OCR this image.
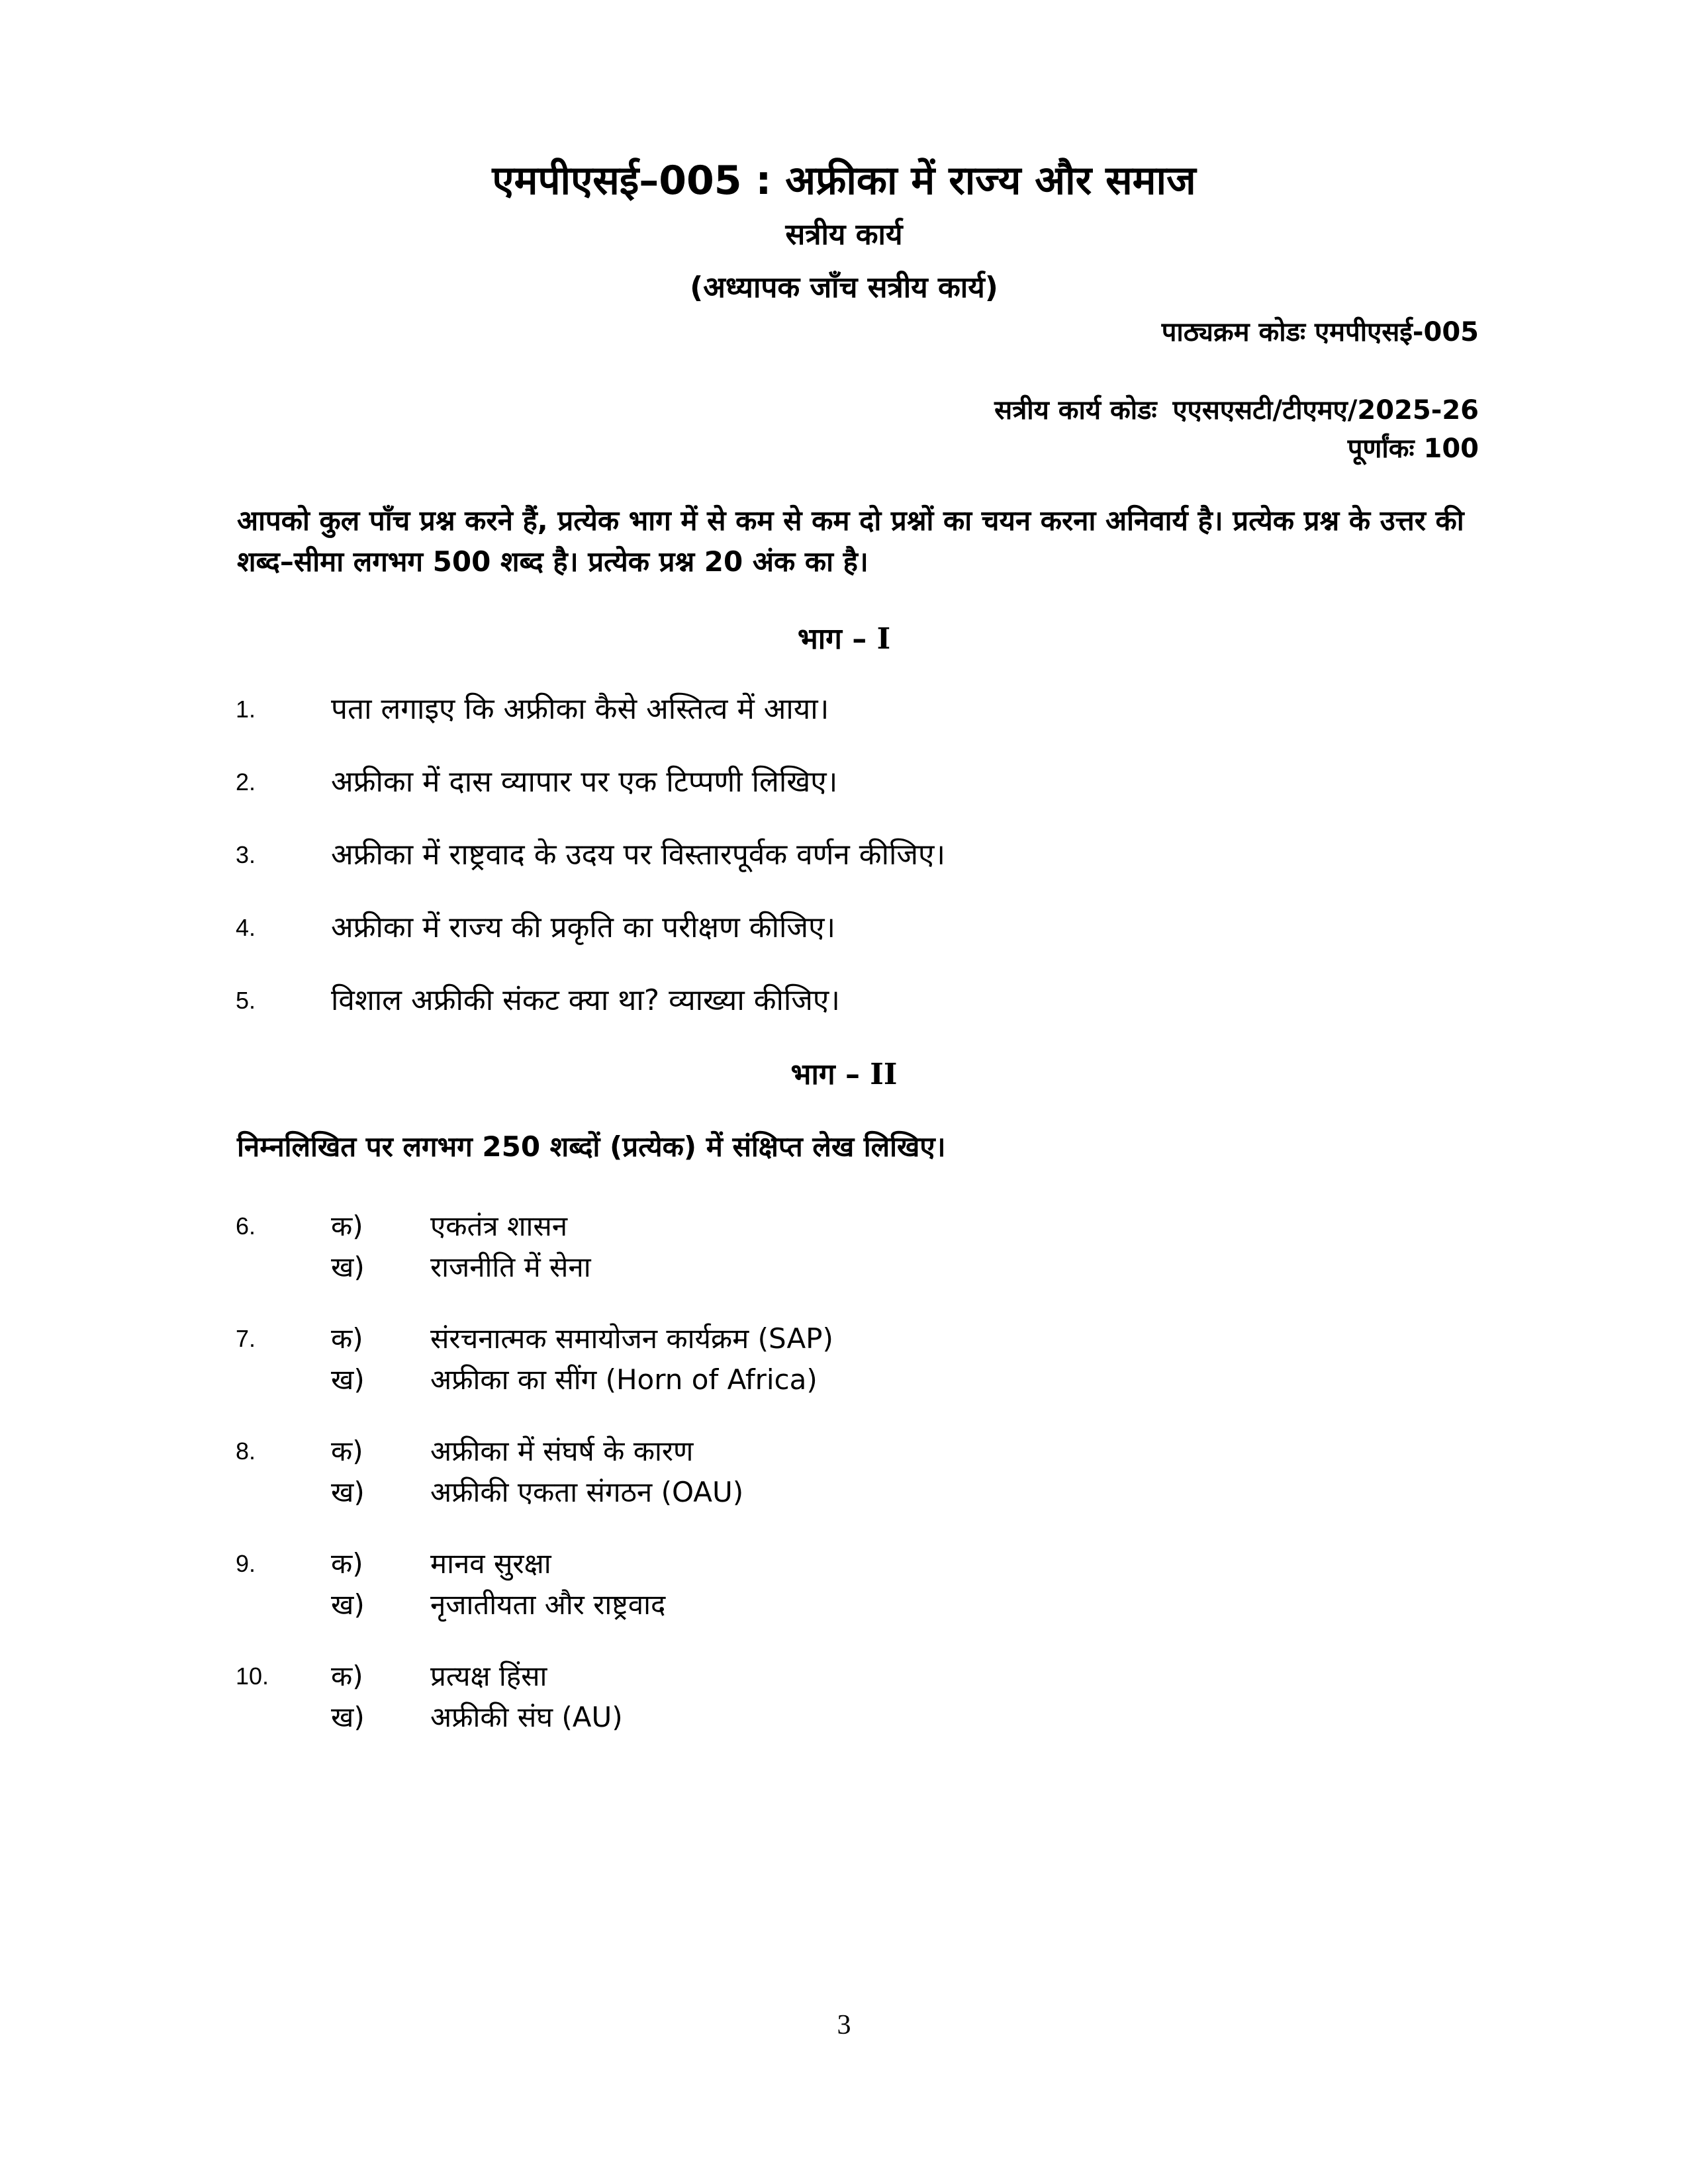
एमपीएसई–005 : अफ्रीका में राज्य और समाज
सत्रीय कार्य
(अध्यापक जाँच सत्रीय कार्य)
पाठ्यक्रम कोडः एमपीएसई-005
सत्रीय कार्य कोडः एएसएसटी/टीएमए/2025-26
पूर्णांकः 100
आपको कुल पाँच प्रश्न करने हैं, प्रत्येक भाग में से कम से कम दो प्रश्नों का चयन करना अनिवार्य है। प्रत्येक प्रश्न के उत्तर की शब्द–सीमा लगभग 500 शब्द है। प्रत्येक प्रश्न 20 अंक का है।
भाग – I
1.	पता लगाइए कि अफ्रीका कैसे अस्तित्व में आया।
2.	अफ्रीका में दास व्यापार पर एक टिप्पणी लिखिए।
3.	अफ्रीका में राष्ट्रवाद के उदय पर विस्तारपूर्वक वर्णन कीजिए।
4.	अफ्रीका में राज्य की प्रकृति का परीक्षण कीजिए।
5.	विशाल अफ्रीकी संकट क्या था? व्याख्या कीजिए।
भाग – II
निम्नलिखित पर लगभग 250 शब्दों (प्रत्येक) में संक्षिप्त लेख लिखिए।
6.	क) एकतंत्र शासन
ख) राजनीति में सेना
7.	क) संरचनात्मक समायोजन कार्यक्रम (SAP)
ख) अफ्रीका का सींग (Horn of Africa)
8.	क) अफ्रीका में संघर्ष के कारण
ख) अफ्रीकी एकता संगठन (OAU)
9.	क) मानव सुरक्षा
ख) नृजातीयता और राष्ट्रवाद
10. क) प्रत्यक्ष हिंसा
ख) अफ्रीकी संघ (AU)
3
